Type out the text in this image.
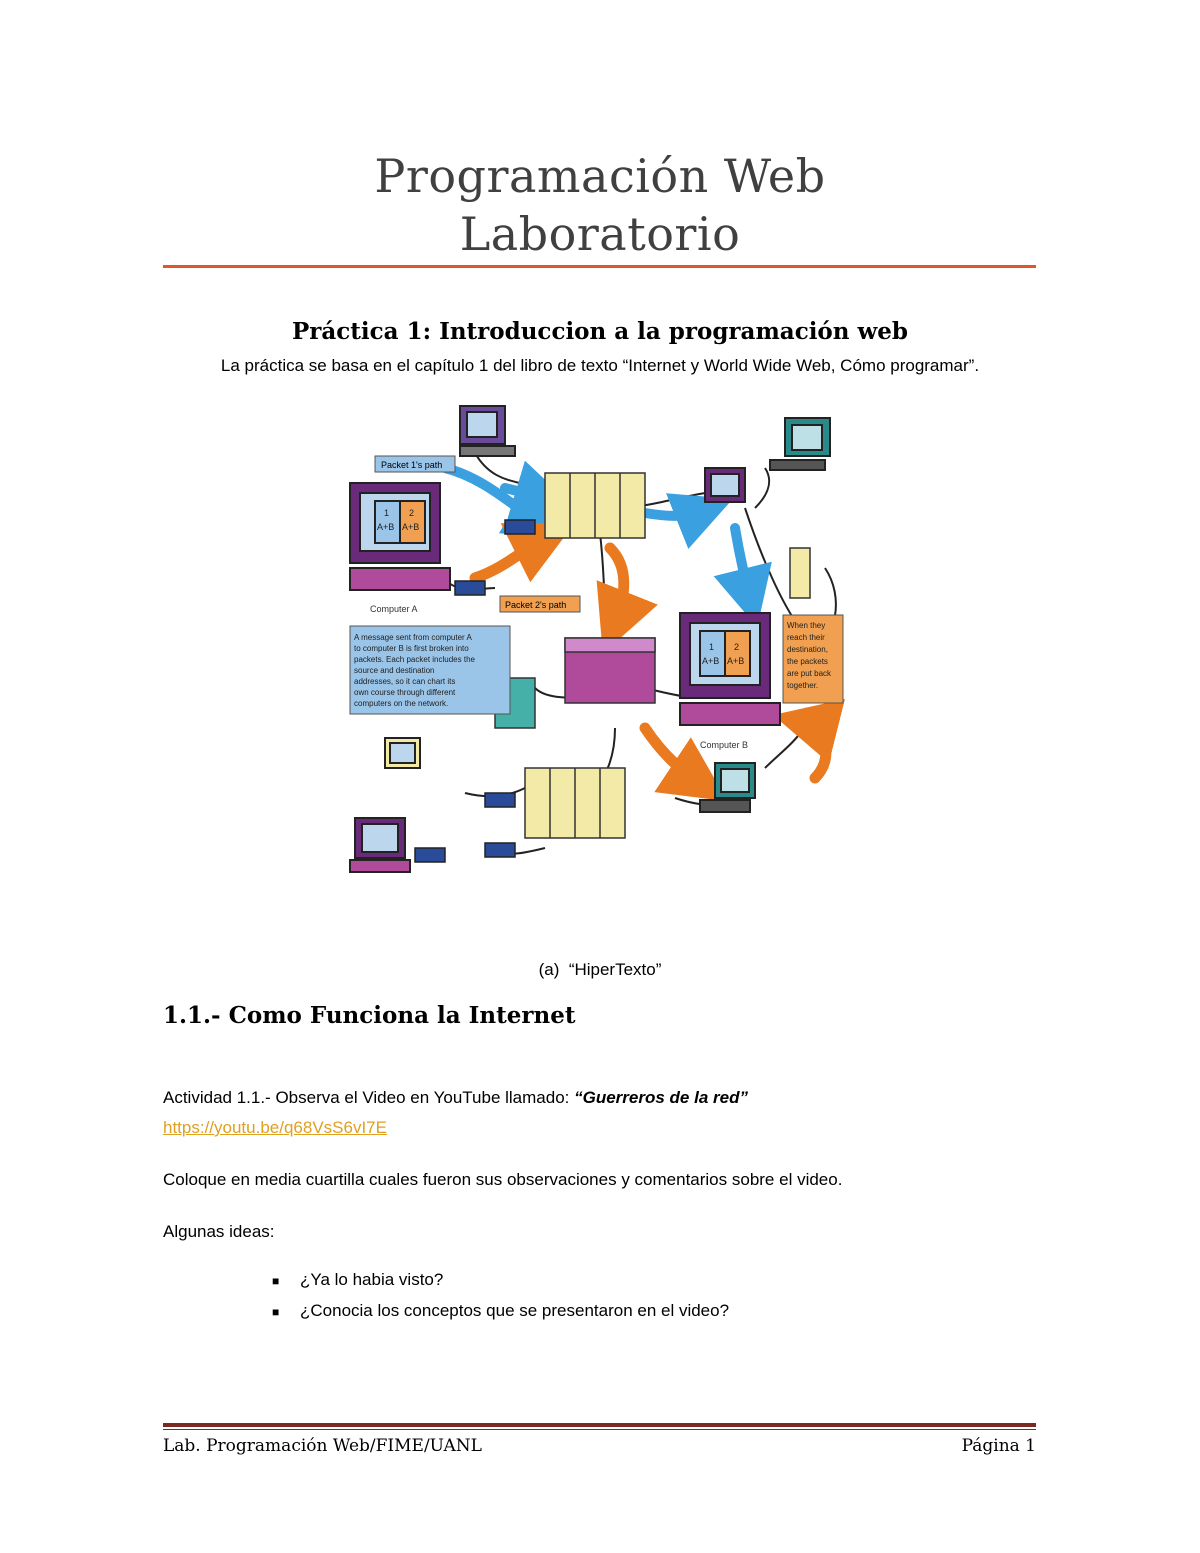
Programación Web
Laboratorio
Práctica 1: Introduccion a la programación web
La práctica se basa en el capítulo 1 del libro de texto “Internet y World Wide Web, Cómo programar”.
Packet 1's path
Packet 2's path
Computer A
Computer B
1
A+B
2
A+B
1
A+B
2
A+B
A message sent from computer A
to computer B is first broken into
packets. Each packet includes the
source and destination
addresses, so it can chart its
own course through different
computers on the network.
When they
reach their
destination,
the packets
are put back
together.
(a) “HiperTexto”
1.1.- Como Funciona la Internet
Actividad 1.1.- Observa el Video en YouTube llamado: “Guerreros de la red”
https://youtu.be/q68VsS6vI7E
Coloque en media cuartilla cuales fueron sus observaciones y comentarios sobre el video.
Algunas ideas:
■ ¿Ya lo habia visto?
■ ¿Conocia los conceptos que se presentaron en el video?
Lab. Programación Web/FIME/UANL	Página 1
